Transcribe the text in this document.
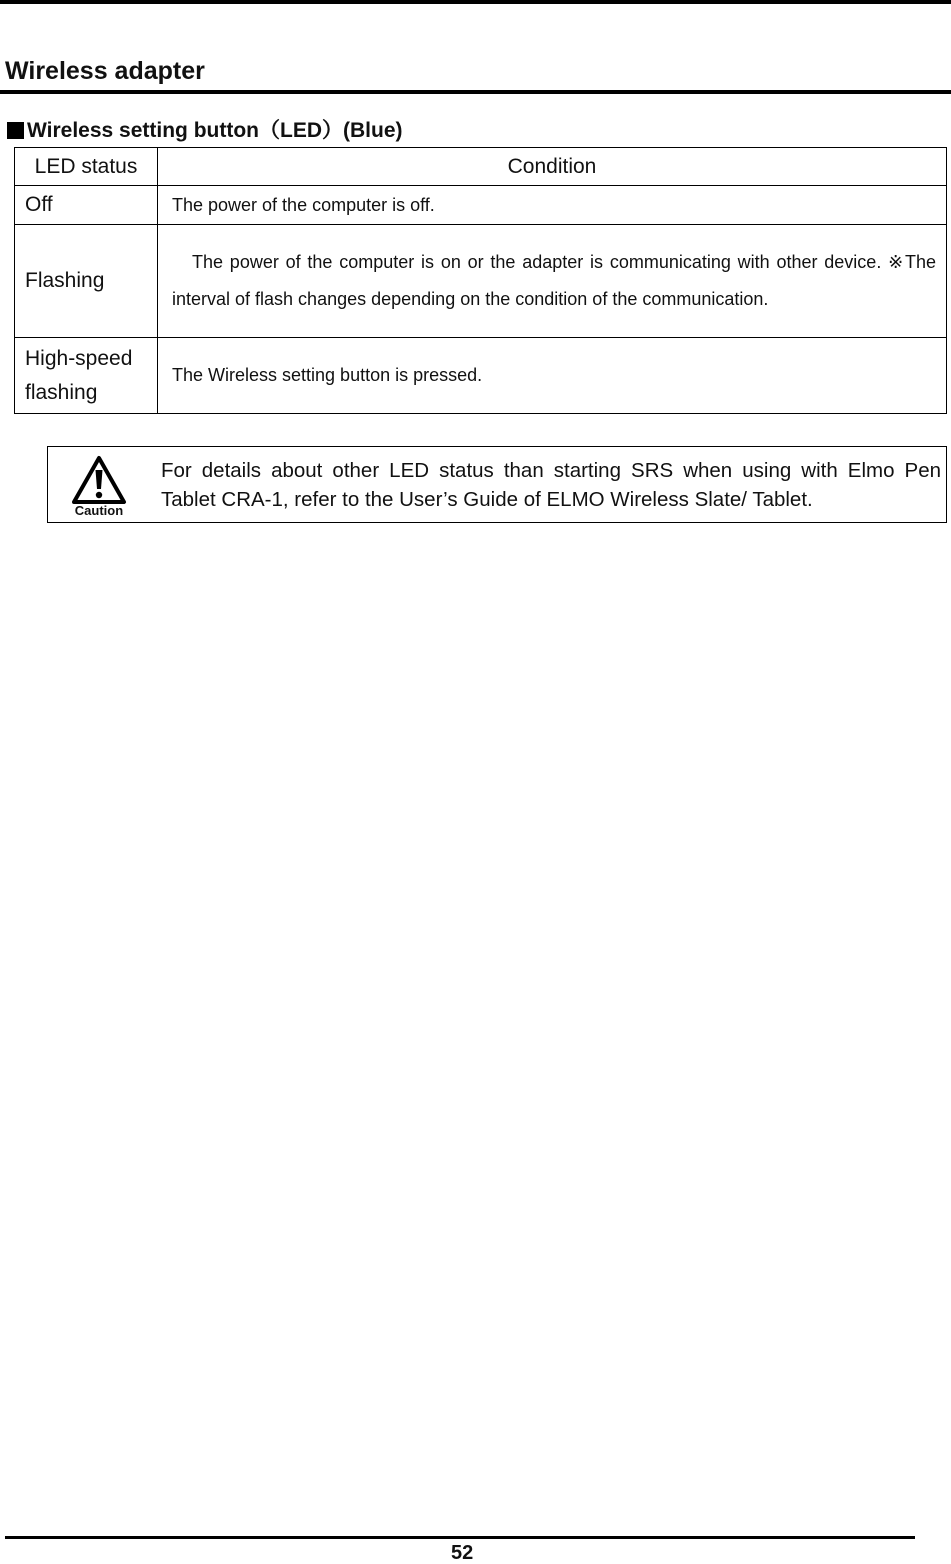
Wireless adapter
Wireless setting button（LED）(Blue)
LED status	Condition
Off	The power of the computer is off.
Flashing	The power of the computer is on or the adapter is communicating with other device. ※The interval of flash changes depending on the condition of the communication.
High-speed flashing	The Wireless setting button is pressed.
Caution
For details about other LED status than starting SRS when using with Elmo Pen Tablet CRA-1, refer to the User’s Guide of ELMO Wireless Slate/ Tablet.
52
